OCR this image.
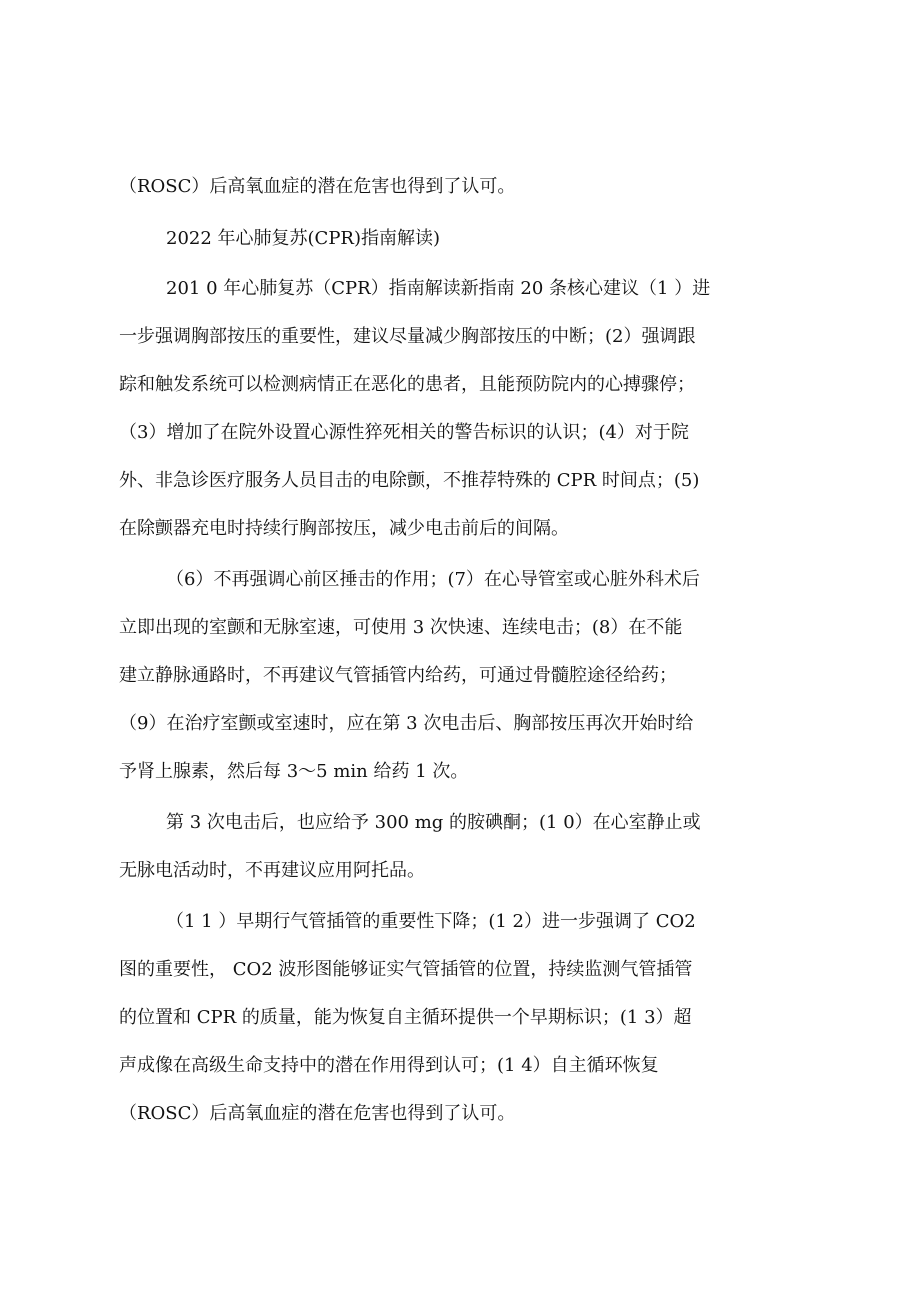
（ROSC）后高氧血症的潜在危害也得到了认可。
2022 年心肺复苏(CPR)指南解读)
201 0 年心肺复苏（CPR）指南解读新指南 20 条核心建议（1 ）进
一步强调胸部按压的重要性，建议尽量减少胸部按压的中断；(2）强调跟
踪和触发系统可以检测病情正在恶化的患者，且能预防院内的心搏骤停；
（3）增加了在院外设置心源性猝死相关的警告标识的认识；(4）对于院
外、非急诊医疗服务人员目击的电除颤，不推荐特殊的 CPR 时间点；(5)
在除颤器充电时持续行胸部按压，减少电击前后的间隔。
（6）不再强调心前区捶击的作用；(7）在心导管室或心脏外科术后
立即出现的室颤和无脉室速，可使用 3 次快速、连续电击；(8）在不能
建立静脉通路时，不再建议气管插管内给药，可通过骨髓腔途径给药；
（9）在治疗室颤或室速时，应在第 3 次电击后、胸部按压再次开始时给
予肾上腺素，然后每 3～5 min 给药 1 次。
第 3 次电击后，也应给予 300 mg 的胺碘酮；(1 0）在心室静止或
无脉电活动时，不再建议应用阿托品。
（1 1 ）早期行气管插管的重要性下降；(1 2）进一步强调了 CO2
图的重要性， CO2 波形图能够证实气管插管的位置，持续监测气管插管
的位置和 CPR 的质量，能为恢复自主循环提供一个早期标识；(1 3）超
声成像在高级生命支持中的潜在作用得到认可；(1 4）自主循环恢复
（ROSC）后高氧血症的潜在危害也得到了认可。
